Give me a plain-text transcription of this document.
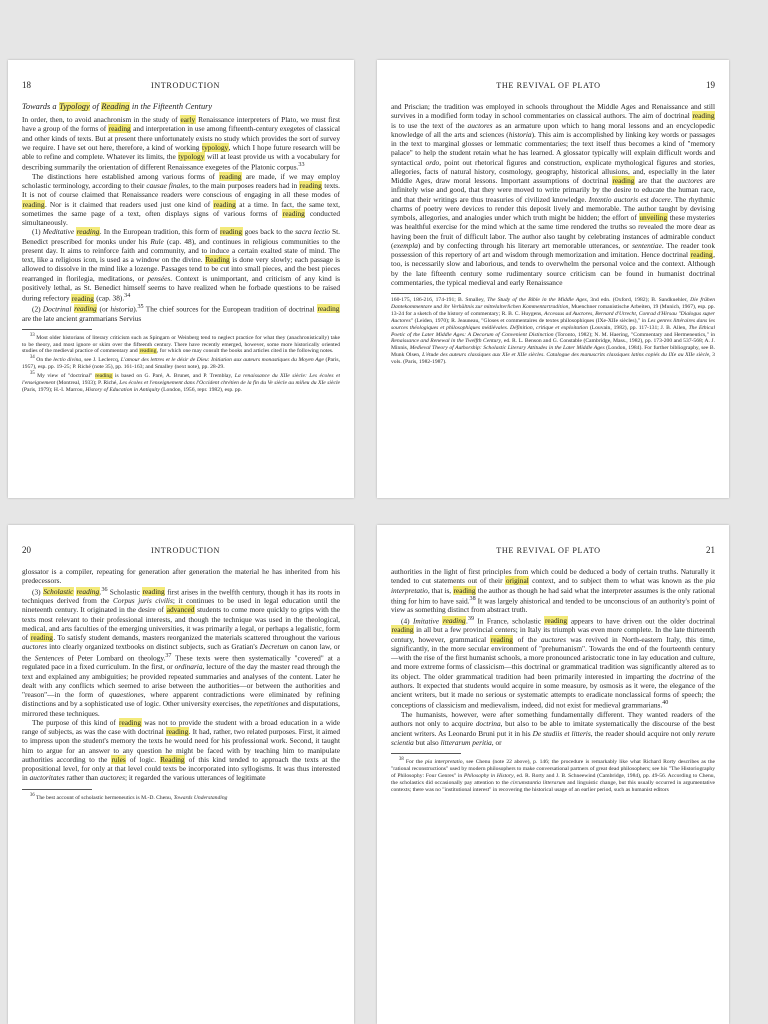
18	INTRODUCTION
Towards a Typology of Reading in the Fifteenth Century

In order, then, to avoid anachronism in the study of early Renaissance interpreters of Plato, we must first have a group of the forms of reading and interpretation in use among fifteenth-century exegetes of classical and other kinds of texts. But at present there unfortunately exists no study which provides the sort of survey we require. I have set out here, therefore, a kind of working typology, which I hope future research will be able to refine and complete. Whatever its limits, the typology will at least provide us with a vocabulary for describing summarily the orientation of different Renaissance exegetes of the Platonic corpus.$^{33}$

The distinctions here established among various forms of reading are made, if we may employ scholastic terminology, according to their causae finales, to the main purposes readers had in reading texts. It is not of course claimed that Renaissance readers were conscious of engaging in all these modes of reading. Nor is it claimed that readers used just one kind of reading at a time. In fact, the same text, sometimes the same page of a text, often displays signs of various forms of reading conducted simultaneously.

(1) Meditative reading. In the European tradition, this form of reading goes back to the sacra lectio St. Benedict prescribed for monks under his Rule (cap. 48), and continues in religious communities to the present day. It aims to reinforce faith and community, and to induce a certain exalted state of mind. The text, like a religious icon, is used as a window on the divine. Reading is done very slowly; each passage is allowed to dissolve in the mind like a lozenge. Passages tend to be cut into small pieces, and the best pieces rearranged in florilegia, meditations, or pensées. Context is unimportant, and criticism of any kind is positively lethal, as St. Benedict himself seems to have realized when he forbade questions to be raised during refectory reading (cap. 38).$^{34}$

(2) Doctrinal reading (or historia).$^{35}$ The chief sources for the European tradition of doctrinal reading are the late ancient grammarians Servius

$^{33}$ Most older historians of literary criticism such as Spingarn or Weinberg tend to neglect practice for what they (anachronistically) take to be theory, and most ignore or skim over the fifteenth century. There have recently emerged, however, some more historically oriented studies of the medieval practice of commentary and reading, for which one may consult the books and articles cited in the following notes.

$^{34}$ On the lectio divina, see J. Leclercq, L'amour des lettres et le désir de Dieu: Initiation aux auteurs monastiques du Moyen Age (Paris, 1957), esp. pp. 19-25; P. Riché (note 35), pp. 161-163; and Smalley (next note), pp. 28-29.

$^{35}$ My view of "doctrinal" reading is based on G. Paré, A. Brunet, and P. Tremblay, La renaissance du XIIe siècle: Les écoles et l'enseignement (Montreal, 1933); P. Riché, Les écoles et l'enseignement dans l'Occident chrétien de la fin du Ve siècle au milieu du XIe siècle (Paris, 1979); H.-I. Marrou, History of Education in Antiquity (London, 1956, repr. 1982), esp. pp.

THE REVIVAL OF PLATO	19

and Priscian; the tradition was employed in schools throughout the Middle Ages and Renaissance and still survives in a modified form today in school commentaries on classical authors. The aim of doctrinal reading is to use the text of the auctores as an armature upon which to hang moral lessons and an encyclopedic knowledge of all the arts and sciences (historia). This aim is accomplished by linking key words or passages in the text to marginal glosses or lemmatic commentaries; the text itself thus becomes a kind of "memory palace" to help the student retain what he has learned. A glossator typically will explain difficult words and syntactical ordo, point out rhetorical figures and construction, explicate mythological figures and stories, allegories, facts of natural history, cosmology, geography, historical allusions, and, especially in the later Middle Ages, draw moral lessons. Important assumptions of doctrinal reading are that the auctores are infinitely wise and good, that they were moved to write primarily by the desire to educate the human race, and that their writings are thus treasuries of civilized knowledge. Intentio auctoris est docere. The rhythmic charms of poetry were devices to render this deposit lively and memorable. The author taught by devising symbols, allegories, and analogies under which truth might be hidden; the effort of unveiling these mysteries was healthful exercise for the mind which at the same time rendered the truths so revealed the more dear as having been the fruit of difficult labor. The author also taught by celebrating instances of admirable conduct (exempla) and by confecting through his literary art memorable utterances, or sententiae. The reader took possession of this repertory of art and wisdom through memorization and imitation. Hence doctrinal reading, too, is necessarily slow and laborious, and tends to overwhelm the personal voice and the context. Although by the late fifteenth century some rudimentary source criticism can be found in humanist doctrinal commentaries, the typical medieval and early Renaissance

160-175, 186-216, 174-191; B. Smalley, The Study of the Bible in the Middle Ages, 3nd edn. (Oxford, 1982); B. Sandkuehler, Die frühen Dantekommentare und ihr Verhältnis zur mittelalterlichen Kommentartradition, Muenchner romanistische Arbeiten, 19 (Munich, 1967), esp. pp. 13-24 for a sketch of the history of commentary; R. B. C. Huygens, Accessus ad Auctores, Bernard d'Utrecht, Conrad d'Hirsau "Dialogus super Auctores" (Leiden, 1970); R. Jeauneau, "Gloses et commentaires de textes philosophiques (IXe-XIIe siècles)," in Les genres littéraires dans les sources théologiques et philosophiques médiévales. Définition, critique et exploitation (Louvain, 1982), pp. 117-131; J. B. Allen, The Ethical Poetic of the Later Middle Ages: A Decorum of Convenient Distinction (Toronto, 1982); N. M. Haering, "Commentary and Hermeneutics," in Renaissance and Renewal in the Twelfth Century, ed. R. L. Benson and G. Constable (Cambridge, Mass., 1982), pp. 173-200 and 537-568; A. J. Minnis, Medieval Theory of Authorship: Scholastic Literary Attitudes in the Later Middle Ages (London, 1984). For further bibliography, see B. Munk Olsen, L'étude des auteurs classiques aux XIe et XIIe siècles. Catalogue des manuscrits classiques latins copiés du IXe au XIIe siècle, 3 vols. (Paris, 1982-1987).

20	INTRODUCTION

glossator is a compiler, repeating for generation after generation the material he has inherited from his predecessors.

(3) Scholastic reading.$^{36}$ Scholastic reading first arises in the twelfth century, though it has its roots in techniques derived from the Corpus juris civilis; it continues to be used in legal education until the nineteenth century. It originated in the desire of advanced students to come more quickly to grips with the texts most relevant to their professional interests, and though the technique was used in the theological, medical, and arts faculties of the emerging universities, it was primarily a legal, or perhaps a legalistic, form of reading. To satisfy student demands, masters reorganized the materials scattered throughout the various auctores into clearly organized textbooks on distinct subjects, such as Gratian's Decretum on canon law, or the Sentences of Peter Lombard on theology.$^{37}$ These texts were then systematically "covered" at a regulated pace in a fixed curriculum. In the first, or ordinaria, lecture of the day the master read through the text and explained any ambiguities; he provided repeated summaries and analyses of the content. Later he dealt with any conflicts which seemed to arise between the authorities—or between the authorities and "reason"—in the form of quaestiones, where apparent contradictions were eliminated by refining distinctions and by a sophisticated use of logic. Other university exercises, the repetitiones and disputations, mirrored these techniques.

The purpose of this kind of reading was not to provide the student with a broad education in a wide range of subjects, as was the case with doctrinal reading. It had, rather, two related purposes. First, it aimed to impress upon the student's memory the texts he would need for his professional work. Second, it taught him to argue for an answer to any question he might be faced with by teaching him to manipulate authorities according to the rules of logic. Reading of this kind tended to approach the texts at the propositional level, for only at that level could texts be incorporated into syllogisms. It was thus interested in auctoritates rather than auctores; it regarded the various utterances of legitimate

$^{36}$ The best account of scholastic hermeneutics is M.-D. Chenu, Towards Understanding

THE REVIVAL OF PLATO	21

authorities in the light of first principles from which could be deduced a body of certain truths. Naturally it tended to cut statements out of their original context, and to subject them to what was known as the pia interpretatio, that is, reading the author as though he had said what the interpreter assumes is the only rational thing for him to have said.$^{38}$ It was largely ahistorical and tended to be unconscious of an authority's point of view as something distinct from abstract truth.

(4) Imitative reading.$^{39}$ In France, scholastic reading appears to have driven out the older doctrinal reading in all but a few provincial centers; in Italy its triumph was even more complete. In the late thirteenth century, however, grammatical reading of the auctores was revived in North-eastern Italy, this time, significantly, in the more secular environment of "prehumanism". Towards the end of the fourteenth century—with the rise of the first humanist schools, a more pronounced aristocratic tone in lay education and culture, and more extreme forms of classicism—this doctrinal or grammatical tradition was significantly altered as to its object. The older grammatical tradition had been primarily interested in imparting the doctrina of the authors. It expected that students would acquire in some measure, by osmosis as it were, the elegance of the ancient writers, but it made no serious or systematic attempts to eradicate nonclassical forms of speech; the conceptions of classicism and medievalism, indeed, did not exist for medieval grammarians.$^{40}$

The humanists, however, were after something fundamentally different. They wanted readers of the authors not only to acquire doctrina, but also to be able to imitate systematically the discourse of the best ancient writers. As Leonardo Bruni put it in his De studiis et litteris, the reader should acquire not only rerum scientia but also litterarum peritia, or

$^{38}$ For the pia interpretatio, see Chenu (note 22 above), p. 146; the procedure is remarkably like what Richard Rorty describes as the "rational reconstructions" used by modern philosophers to make conversational partners of great dead philosophers; see his "The Historiography of Philosophy: Four Genres" in Philosophy in History, ed. R. Rorty and J. B. Schneewind (Cambridge, 1984), pp. 49-56. According to Chenu, the scholastics did occasionally pay attention to the circumstantia litterarum and linguistic change, but this usually occurred in argumentative contexts; there was no "institutional interest" in recovering the historical usage of an earlier period, such as humanist editors
